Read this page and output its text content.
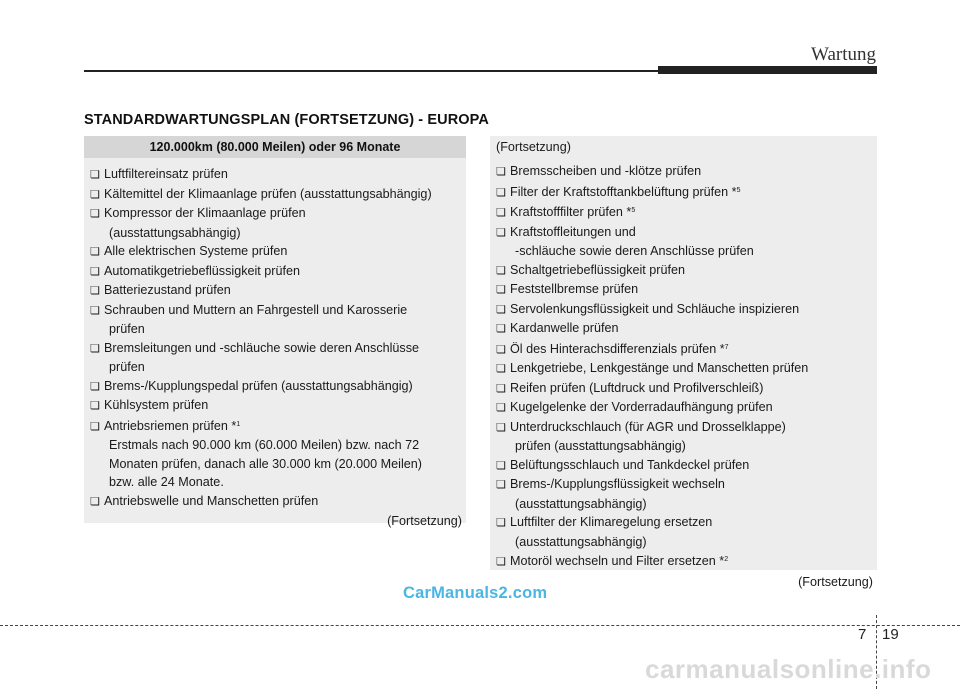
Wartung
STANDARDWARTUNGSPLAN (FORTSETZUNG) - EUROPA
120.000km (80.000 Meilen) oder 96 Monate
❏ Luftfiltereinsatz prüfen
❏ Kältemittel der Klimaanlage prüfen (ausstattungsabhängig)
❏ Kompressor der Klimaanlage prüfen
(ausstattungsabhängig)
❏ Alle elektrischen Systeme prüfen
❏ Automatikgetriebeflüssigkeit prüfen
❏ Batteriezustand prüfen
❏ Schrauben und Muttern an Fahrgestell und Karosserie
prüfen
❏ Bremsleitungen und -schläuche sowie deren Anschlüsse
prüfen
❏ Brems-/Kupplungspedal prüfen (ausstattungsabhängig)
❏ Kühlsystem prüfen
❏ Antriebsriemen prüfen *$^1$
Erstmals nach 90.000 km (60.000 Meilen) bzw. nach 72
Monaten prüfen, danach alle 30.000 km (20.000 Meilen)
bzw. alle 24 Monate.
❏ Antriebswelle und Manschetten prüfen
(Fortsetzung)
(Fortsetzung)
❏ Bremsscheiben und -klötze prüfen
❏ Filter der Kraftstofftankbelüftung prüfen *$^5$
❏ Kraftstofffilter prüfen *$^5$
❏ Kraftstoffleitungen und
-schläuche sowie deren Anschlüsse prüfen
❏ Schaltgetriebeflüssigkeit prüfen
❏ Feststellbremse prüfen
❏ Servolenkungsflüssigkeit und Schläuche inspizieren
❏ Kardanwelle prüfen
❏ Öl des Hinterachsdifferenzials prüfen *$^7$
❏ Lenkgetriebe, Lenkgestänge und Manschetten prüfen
❏ Reifen prüfen (Luftdruck und Profilverschleiß)
❏ Kugelgelenke der Vorderradaufhängung prüfen
❏ Unterdruckschlauch (für AGR und Drosselklappe)
prüfen (ausstattungsabhängig)
❏ Belüftungsschlauch und Tankdeckel prüfen
❏ Brems-/Kupplungsflüssigkeit wechseln
(ausstattungsabhängig)
❏ Luftfilter der Klimaregelung ersetzen
(ausstattungsabhängig)
❏ Motoröl wechseln und Filter ersetzen *$^2$
(Fortsetzung)
CarManuals2.com
7 19
carmanualsonline.info
